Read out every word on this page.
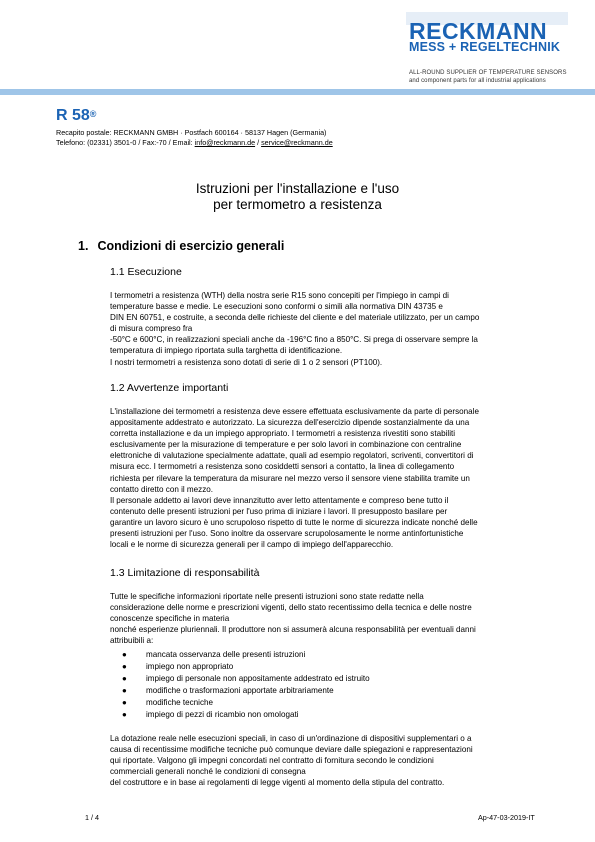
RECKMANN
MESS + REGELTECHNIK
ALL-ROUND SUPPLIER OF TEMPERATURE SENSORS
and component parts for all industrial applications
R 58®
Recapito postale: RECKMANN GMBH · Postfach 600164 · 58137 Hagen (Germania)
Telefono: (02331) 3501-0 / Fax:-70 / Email: info@reckmann.de / service@reckmann.de
Istruzioni per l'installazione e l'uso
per termometro a resistenza
1. Condizioni di esercizio generali
1.1 Esecuzione
I termometri a resistenza (WTH) della nostra serie R15 sono concepiti per l'impiego in campi di
temperature basse e medie. Le esecuzioni sono conformi o simili alla normativa DIN 43735 e
DIN EN 60751, e costruite, a seconda delle richieste del cliente e del materiale utilizzato, per un campo
di misura compreso fra
-50°C e 600°C, in realizzazioni speciali anche da -196°C fino a 850°C. Si prega di osservare sempre la
temperatura di impiego riportata sulla targhetta di identificazione.
I nostri termometri a resistenza sono dotati di serie di 1 o 2 sensori (PT100).
1.2 Avvertenze importanti
L'installazione dei termometri a resistenza deve essere effettuata esclusivamente da parte di personale
appositamente addestrato e autorizzato. La sicurezza dell'esercizio dipende sostanzialmente da una
corretta installazione e da un impiego appropriato. I termometri a resistenza rivestiti sono stabiliti
esclusivamente per la misurazione di temperature e per solo lavori in combinazione con centraline
elettroniche di valutazione specialmente adattate, quali ad esempio regolatori, scriventi, convertitori di
misura ecc. I termometri a resistenza sono cosiddetti sensori a contatto, la linea di collegamento
richiesta per rilevare la temperatura da misurare nel mezzo verso il sensore viene stabilita tramite un
contatto diretto con il mezzo.
Il personale addetto ai lavori deve innanzitutto aver letto attentamente e compreso bene tutto il
contenuto delle presenti istruzioni per l'uso prima di iniziare i lavori. Il presupposto basilare per
garantire un lavoro sicuro è uno scrupoloso rispetto di tutte le norme di sicurezza indicate nonché delle
presenti istruzioni per l'uso. Sono inoltre da osservare scrupolosamente le norme antinfortunistiche
locali e le norme di sicurezza generali per il campo di impiego dell'apparecchio.
1.3 Limitazione di responsabilità
Tutte le specifiche informazioni riportate nelle presenti istruzioni sono state redatte nella
considerazione delle norme e prescrizioni vigenti, dello stato recentissimo della tecnica e delle nostre
conoscenze specifiche in materia
nonché esperienze pluriennali. Il produttore non si assumerà alcuna responsabilità per eventuali danni
attribuibili a:
● mancata osservanza delle presenti istruzioni
● impiego non appropriato
● impiego di personale non appositamente addestrato ed istruito
● modifiche o trasformazioni apportate arbitrariamente
● modifiche tecniche
● impiego di pezzi di ricambio non omologati
La dotazione reale nelle esecuzioni speciali, in caso di un'ordinazione di dispositivi supplementari o a
causa di recentissime modifiche tecniche può comunque deviare dalle spiegazioni e rappresentazioni
qui riportate. Valgono gli impegni concordati nel contratto di fornitura secondo le condizioni
commerciali generali nonché le condizioni di consegna
del costruttore e in base ai regolamenti di legge vigenti al momento della stipula del contratto.
1 / 4	Ap-47-03-2019-IT
